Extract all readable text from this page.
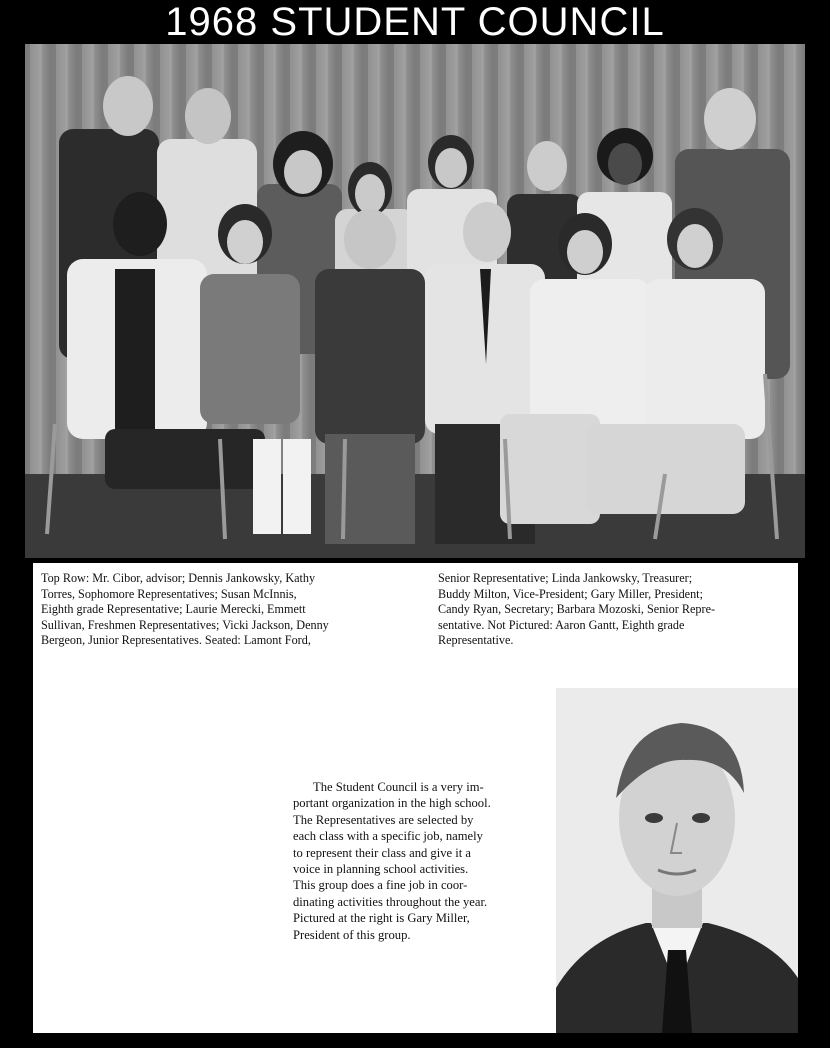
1968 STUDENT COUNCIL
Top Row: Mr. Cibor, advisor; Dennis Jankowsky, Kathy
Torres, Sophomore Representatives; Susan McInnis,
Eighth grade Representative; Laurie Merecki, Emmett
Sullivan, Freshmen Representatives; Vicki Jackson, Denny
Bergeon, Junior Representatives. Seated: Lamont Ford,
Senior Representative; Linda Jankowsky, Treasurer;
Buddy Milton, Vice-President; Gary Miller, President;
Candy Ryan, Secretary; Barbara Mozoski, Senior Repre-
sentative. Not Pictured: Aaron Gantt, Eighth grade
Representative.
The Student Council is a very im-
portant organization in the high school.
The Representatives are selected by
each class with a specific job, namely
to represent their class and give it a
voice in planning school activities.
This group does a fine job in coor-
dinating activities throughout the year.
Pictured at the right is Gary Miller,
President of this group.
